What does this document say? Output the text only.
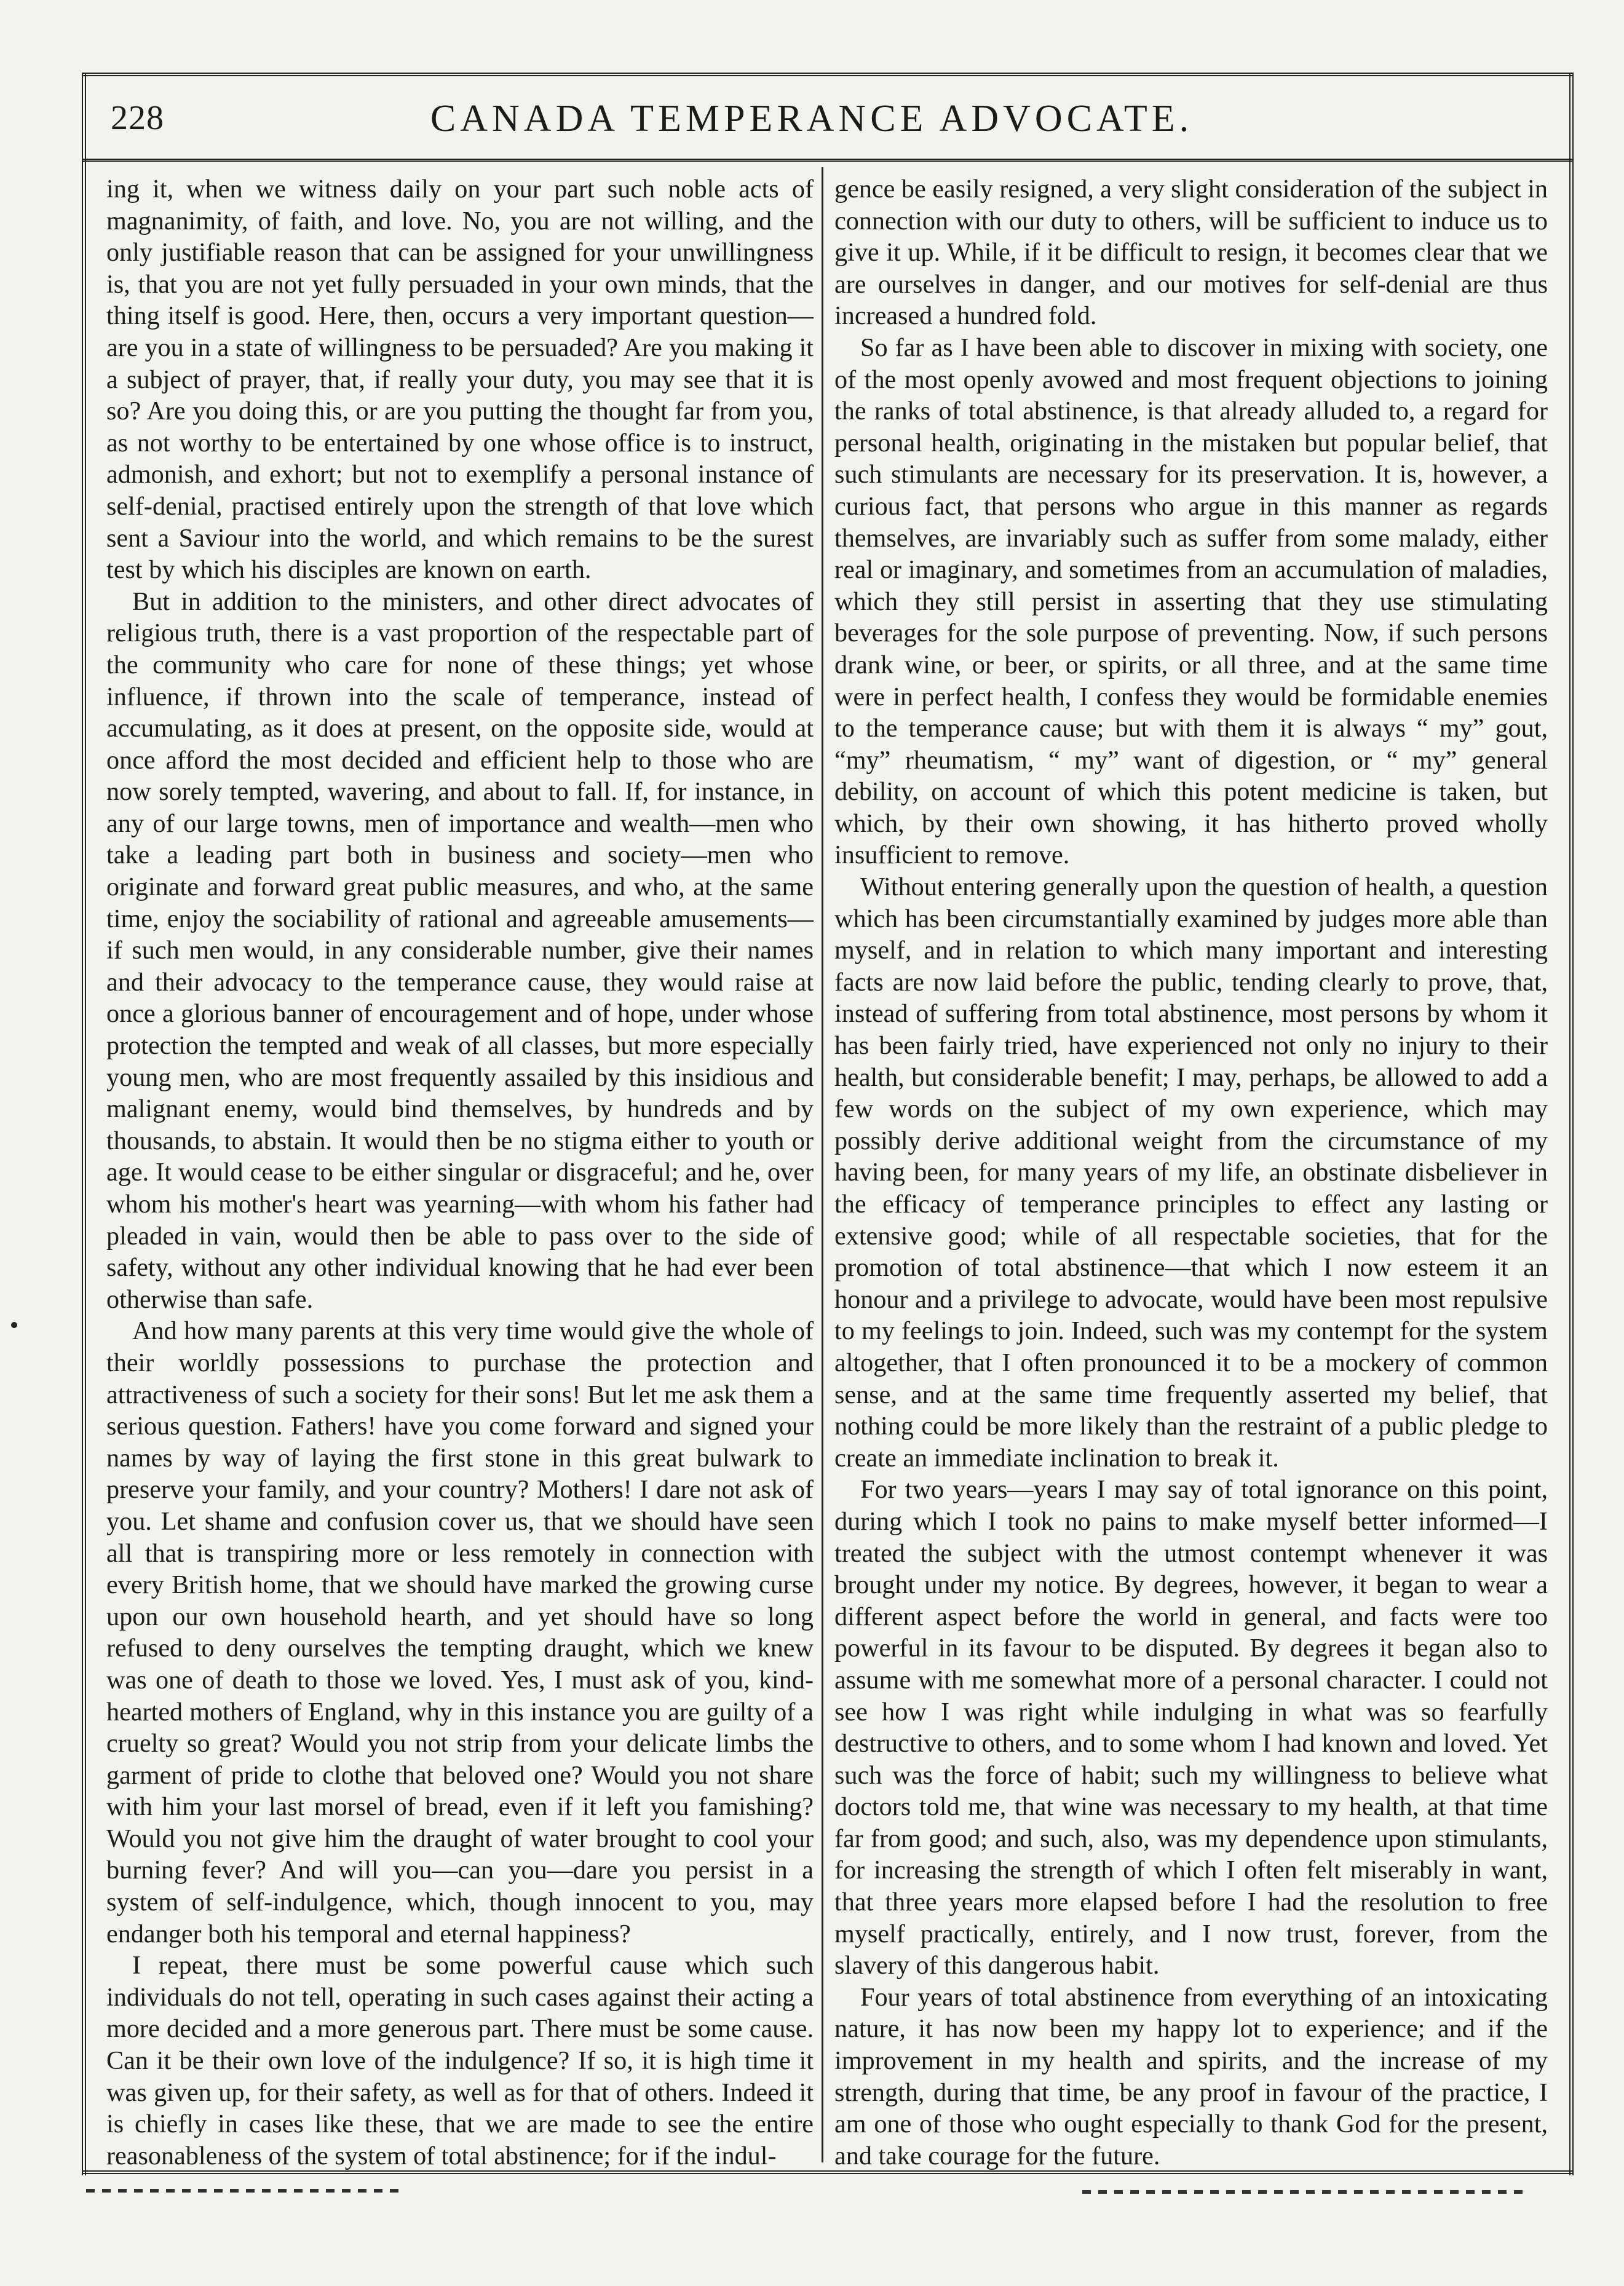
228	CANADA TEMPERANCE ADVOCATE.

ing it, when we witness daily on your part such noble acts of magnanimity, of faith, and love. No, you are not willing, and the only justifiable reason that can be assigned for your unwillingness is, that you are not yet fully persuaded in your own minds, that the thing itself is good. Here, then, occurs a very important question—are you in a state of willingness to be persuaded? Are you making it a subject of prayer, that, if really your duty, you may see that it is so? Are you doing this, or are you putting the thought far from you, as not worthy to be entertained by one whose office is to instruct, admonish, and exhort; but not to exemplify a personal instance of self-denial, practised entirely upon the strength of that love which sent a Saviour into the world, and which remains to be the surest test by which his disciples are known on earth.

But in addition to the ministers, and other direct advocates of religious truth, there is a vast proportion of the respectable part of the community who care for none of these things; yet whose influence, if thrown into the scale of temperance, instead of accumulating, as it does at present, on the opposite side, would at once afford the most decided and efficient help to those who are now sorely tempted, wavering, and about to fall. If, for instance, in any of our large towns, men of importance and wealth—men who take a leading part both in business and society—men who originate and forward great public measures, and who, at the same time, enjoy the sociability of rational and agreeable amusements—if such men would, in any considerable number, give their names and their advocacy to the temperance cause, they would raise at once a glorious banner of encouragement and of hope, under whose protection the tempted and weak of all classes, but more especially young men, who are most frequently assailed by this insidious and malignant enemy, would bind themselves, by hundreds and by thousands, to abstain. It would then be no stigma either to youth or age. It would cease to be either singular or disgraceful; and he, over whom his mother's heart was yearning—with whom his father had pleaded in vain, would then be able to pass over to the side of safety, without any other individual knowing that he had ever been otherwise than safe.

And how many parents at this very time would give the whole of their worldly possessions to purchase the protection and attractiveness of such a society for their sons! But let me ask them a serious question. Fathers! have you come forward and signed your names by way of laying the first stone in this great bulwark to preserve your family, and your country? Mothers! I dare not ask of you. Let shame and confusion cover us, that we should have seen all that is transpiring more or less remotely in connection with every British home, that we should have marked the growing curse upon our own household hearth, and yet should have so long refused to deny ourselves the tempting draught, which we knew was one of death to those we loved. Yes, I must ask of you, kind-hearted mothers of England, why in this instance you are guilty of a cruelty so great? Would you not strip from your delicate limbs the garment of pride to clothe that beloved one? Would you not share with him your last morsel of bread, even if it left you famishing? Would you not give him the draught of water brought to cool your burning fever? And will you—can you—dare you persist in a system of self-indulgence, which, though innocent to you, may endanger both his temporal and eternal happiness?

I repeat, there must be some powerful cause which such individuals do not tell, operating in such cases against their acting a more decided and a more generous part. There must be some cause. Can it be their own love of the indulgence? If so, it is high time it was given up, for their safety, as well as for that of others. Indeed it is chiefly in cases like these, that we are made to see the entire reasonableness of the system of total abstinence; for if the indul-

gence be easily resigned, a very slight consideration of the subject in connection with our duty to others, will be sufficient to induce us to give it up. While, if it be difficult to resign, it becomes clear that we are ourselves in danger, and our motives for self-denial are thus increased a hundred fold.

So far as I have been able to discover in mixing with society, one of the most openly avowed and most frequent objections to joining the ranks of total abstinence, is that already alluded to, a regard for personal health, originating in the mistaken but popular belief, that such stimulants are necessary for its preservation. It is, however, a curious fact, that persons who argue in this manner as regards themselves, are invariably such as suffer from some malady, either real or imaginary, and sometimes from an accumulation of maladies, which they still persist in asserting that they use stimulating beverages for the sole purpose of preventing. Now, if such persons drank wine, or beer, or spirits, or all three, and at the same time were in perfect health, I confess they would be formidable enemies to the temperance cause; but with them it is always “ my” gout, “my” rheumatism, “ my” want of digestion, or “ my” general debility, on account of which this potent medicine is taken, but which, by their own showing, it has hitherto proved wholly insufficient to remove.

Without entering generally upon the question of health, a question which has been circumstantially examined by judges more able than myself, and in relation to which many important and interesting facts are now laid before the public, tending clearly to prove, that, instead of suffering from total abstinence, most persons by whom it has been fairly tried, have experienced not only no injury to their health, but considerable benefit; I may, perhaps, be allowed to add a few words on the subject of my own experience, which may possibly derive additional weight from the circumstance of my having been, for many years of my life, an obstinate disbeliever in the efficacy of temperance principles to effect any lasting or extensive good; while of all respectable societies, that for the promotion of total abstinence—that which I now esteem it an honour and a privilege to advocate, would have been most repulsive to my feelings to join. Indeed, such was my contempt for the system altogether, that I often pronounced it to be a mockery of common sense, and at the same time frequently asserted my belief, that nothing could be more likely than the restraint of a public pledge to create an immediate inclination to break it.

For two years—years I may say of total ignorance on this point, during which I took no pains to make myself better informed—I treated the subject with the utmost contempt whenever it was brought under my notice. By degrees, however, it began to wear a different aspect before the world in general, and facts were too powerful in its favour to be disputed. By degrees it began also to assume with me somewhat more of a personal character. I could not see how I was right while indulging in what was so fearfully destructive to others, and to some whom I had known and loved. Yet such was the force of habit; such my willingness to believe what doctors told me, that wine was necessary to my health, at that time far from good; and such, also, was my dependence upon stimulants, for increasing the strength of which I often felt miserably in want, that three years more elapsed before I had the resolution to free myself practically, entirely, and I now trust, forever, from the slavery of this dangerous habit.

Four years of total abstinence from everything of an intoxicating nature, it has now been my happy lot to experience; and if the improvement in my health and spirits, and the increase of my strength, during that time, be any proof in favour of the practice, I am one of those who ought especially to thank God for the present, and take courage for the future.
